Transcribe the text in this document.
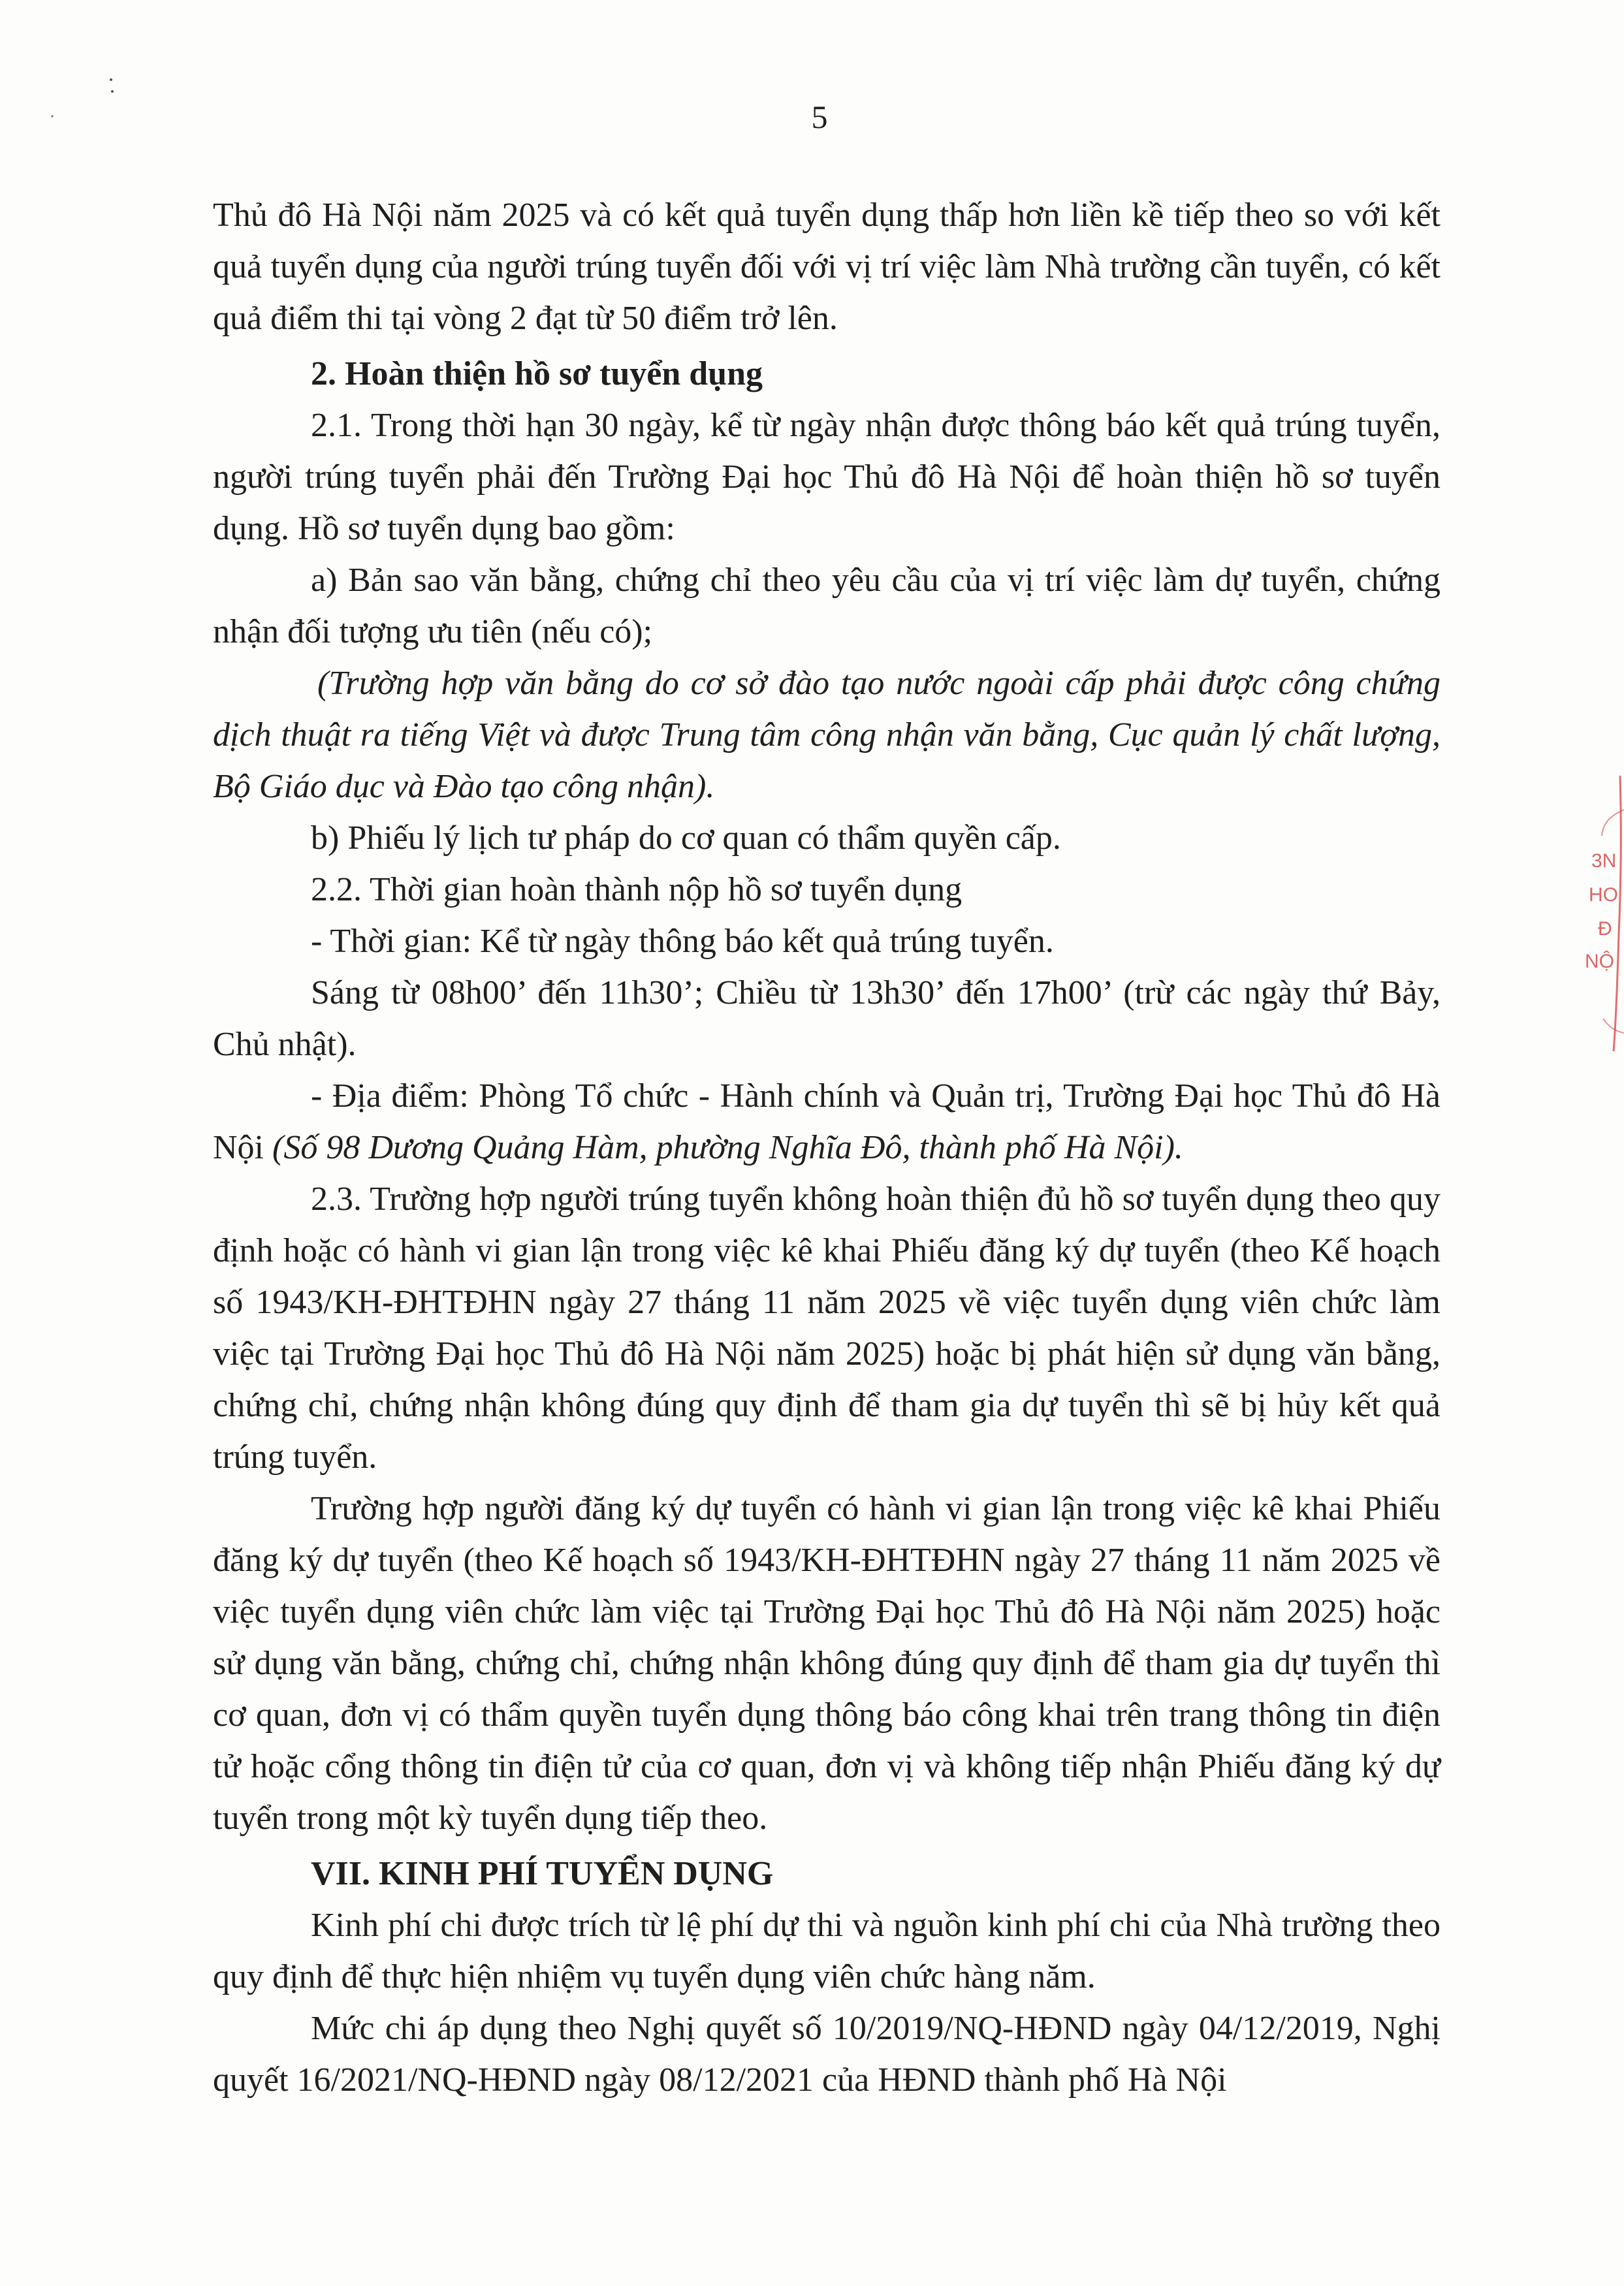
5

Thủ đô Hà Nội năm 2025 và có kết quả tuyển dụng thấp hơn liền kề tiếp theo so với kết quả tuyển dụng của người trúng tuyển đối với vị trí việc làm Nhà trường cần tuyển, có kết quả điểm thi tại vòng 2 đạt từ 50 điểm trở lên.

2. Hoàn thiện hồ sơ tuyển dụng

2.1. Trong thời hạn 30 ngày, kể từ ngày nhận được thông báo kết quả trúng tuyển, người trúng tuyển phải đến Trường Đại học Thủ đô Hà Nội để hoàn thiện hồ sơ tuyển dụng. Hồ sơ tuyển dụng bao gồm:

a) Bản sao văn bằng, chứng chỉ theo yêu cầu của vị trí việc làm dự tuyển, chứng nhận đối tượng ưu tiên (nếu có);

(Trường hợp văn bằng do cơ sở đào tạo nước ngoài cấp phải được công chứng dịch thuật ra tiếng Việt và được Trung tâm công nhận văn bằng, Cục quản lý chất lượng, Bộ Giáo dục và Đào tạo công nhận).

b) Phiếu lý lịch tư pháp do cơ quan có thẩm quyền cấp.

2.2. Thời gian hoàn thành nộp hồ sơ tuyển dụng

- Thời gian: Kể từ ngày thông báo kết quả trúng tuyển.

Sáng từ 08h00’ đến 11h30’; Chiều từ 13h30’ đến 17h00’ (trừ các ngày thứ Bảy, Chủ nhật).

- Địa điểm: Phòng Tổ chức - Hành chính và Quản trị, Trường Đại học Thủ đô Hà Nội (Số 98 Dương Quảng Hàm, phường Nghĩa Đô, thành phố Hà Nội).

2.3. Trường hợp người trúng tuyển không hoàn thiện đủ hồ sơ tuyển dụng theo quy định hoặc có hành vi gian lận trong việc kê khai Phiếu đăng ký dự tuyển (theo Kế hoạch số 1943/KH-ĐHTĐHN ngày 27 tháng 11 năm 2025 về việc tuyển dụng viên chức làm việc tại Trường Đại học Thủ đô Hà Nội năm 2025) hoặc bị phát hiện sử dụng văn bằng, chứng chỉ, chứng nhận không đúng quy định để tham gia dự tuyển thì sẽ bị hủy kết quả trúng tuyển.

Trường hợp người đăng ký dự tuyển có hành vi gian lận trong việc kê khai Phiếu đăng ký dự tuyển (theo Kế hoạch số 1943/KH-ĐHTĐHN ngày 27 tháng 11 năm 2025 về việc tuyển dụng viên chức làm việc tại Trường Đại học Thủ đô Hà Nội năm 2025) hoặc sử dụng văn bằng, chứng chỉ, chứng nhận không đúng quy định để tham gia dự tuyển thì cơ quan, đơn vị có thẩm quyền tuyển dụng thông báo công khai trên trang thông tin điện tử hoặc cổng thông tin điện tử của cơ quan, đơn vị và không tiếp nhận Phiếu đăng ký dự tuyển trong một kỳ tuyển dụng tiếp theo.

VII. KINH PHÍ TUYỂN DỤNG

Kinh phí chi được trích từ lệ phí dự thi và nguồn kinh phí chi của Nhà trường theo quy định để thực hiện nhiệm vụ tuyển dụng viên chức hàng năm.

Mức chi áp dụng theo Nghị quyết số 10/2019/NQ-HĐND ngày 04/12/2019, Nghị quyết 16/2021/NQ-HĐND ngày 08/12/2021 của HĐND thành phố Hà Nội

3N
HO
Đ
NỘ
